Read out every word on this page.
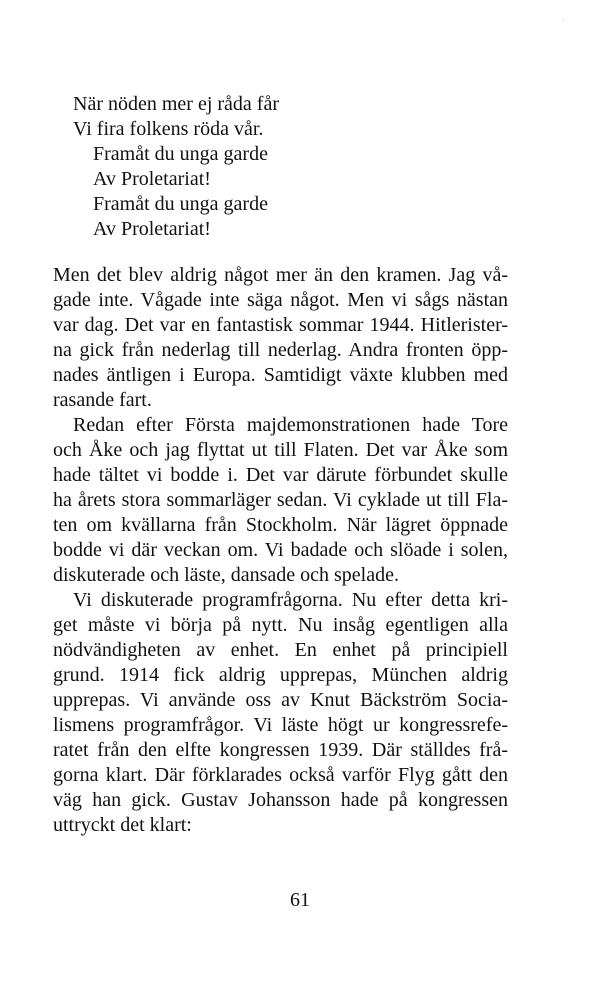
När nöden mer ej råda får
Vi fira folkens röda vår.
Framåt du unga garde
Av Proletariat!
Framåt du unga garde
Av Proletariat!
Men det blev aldrig något mer än den kramen. Jag vå-
gade inte. Vågade inte säga något. Men vi sågs nästan
var dag. Det var en fantastisk sommar 1944. Hitlerister-
na gick från nederlag till nederlag. Andra fronten öpp-
nades äntligen i Europa. Samtidigt växte klubben med
rasande fart.
Redan efter Första majdemonstrationen hade Tore
och Åke och jag flyttat ut till Flaten. Det var Åke som
hade tältet vi bodde i. Det var därute förbundet skulle
ha årets stora sommarläger sedan. Vi cyklade ut till Fla-
ten om kvällarna från Stockholm. När lägret öppnade
bodde vi där veckan om. Vi badade och slöade i solen,
diskuterade och läste, dansade och spelade.
Vi diskuterade programfrågorna. Nu efter detta kri-
get måste vi börja på nytt. Nu insåg egentligen alla
nödvändigheten av enhet. En enhet på principiell
grund. 1914 fick aldrig upprepas, München aldrig
upprepas. Vi använde oss av Knut Bäckström Socia-
lismens programfrågor. Vi läste högt ur kongressrefe-
ratet från den elfte kongressen 1939. Där ställdes frå-
gorna klart. Där förklarades också varför Flyg gått den
väg han gick. Gustav Johansson hade på kongressen
uttryckt det klart:
61
